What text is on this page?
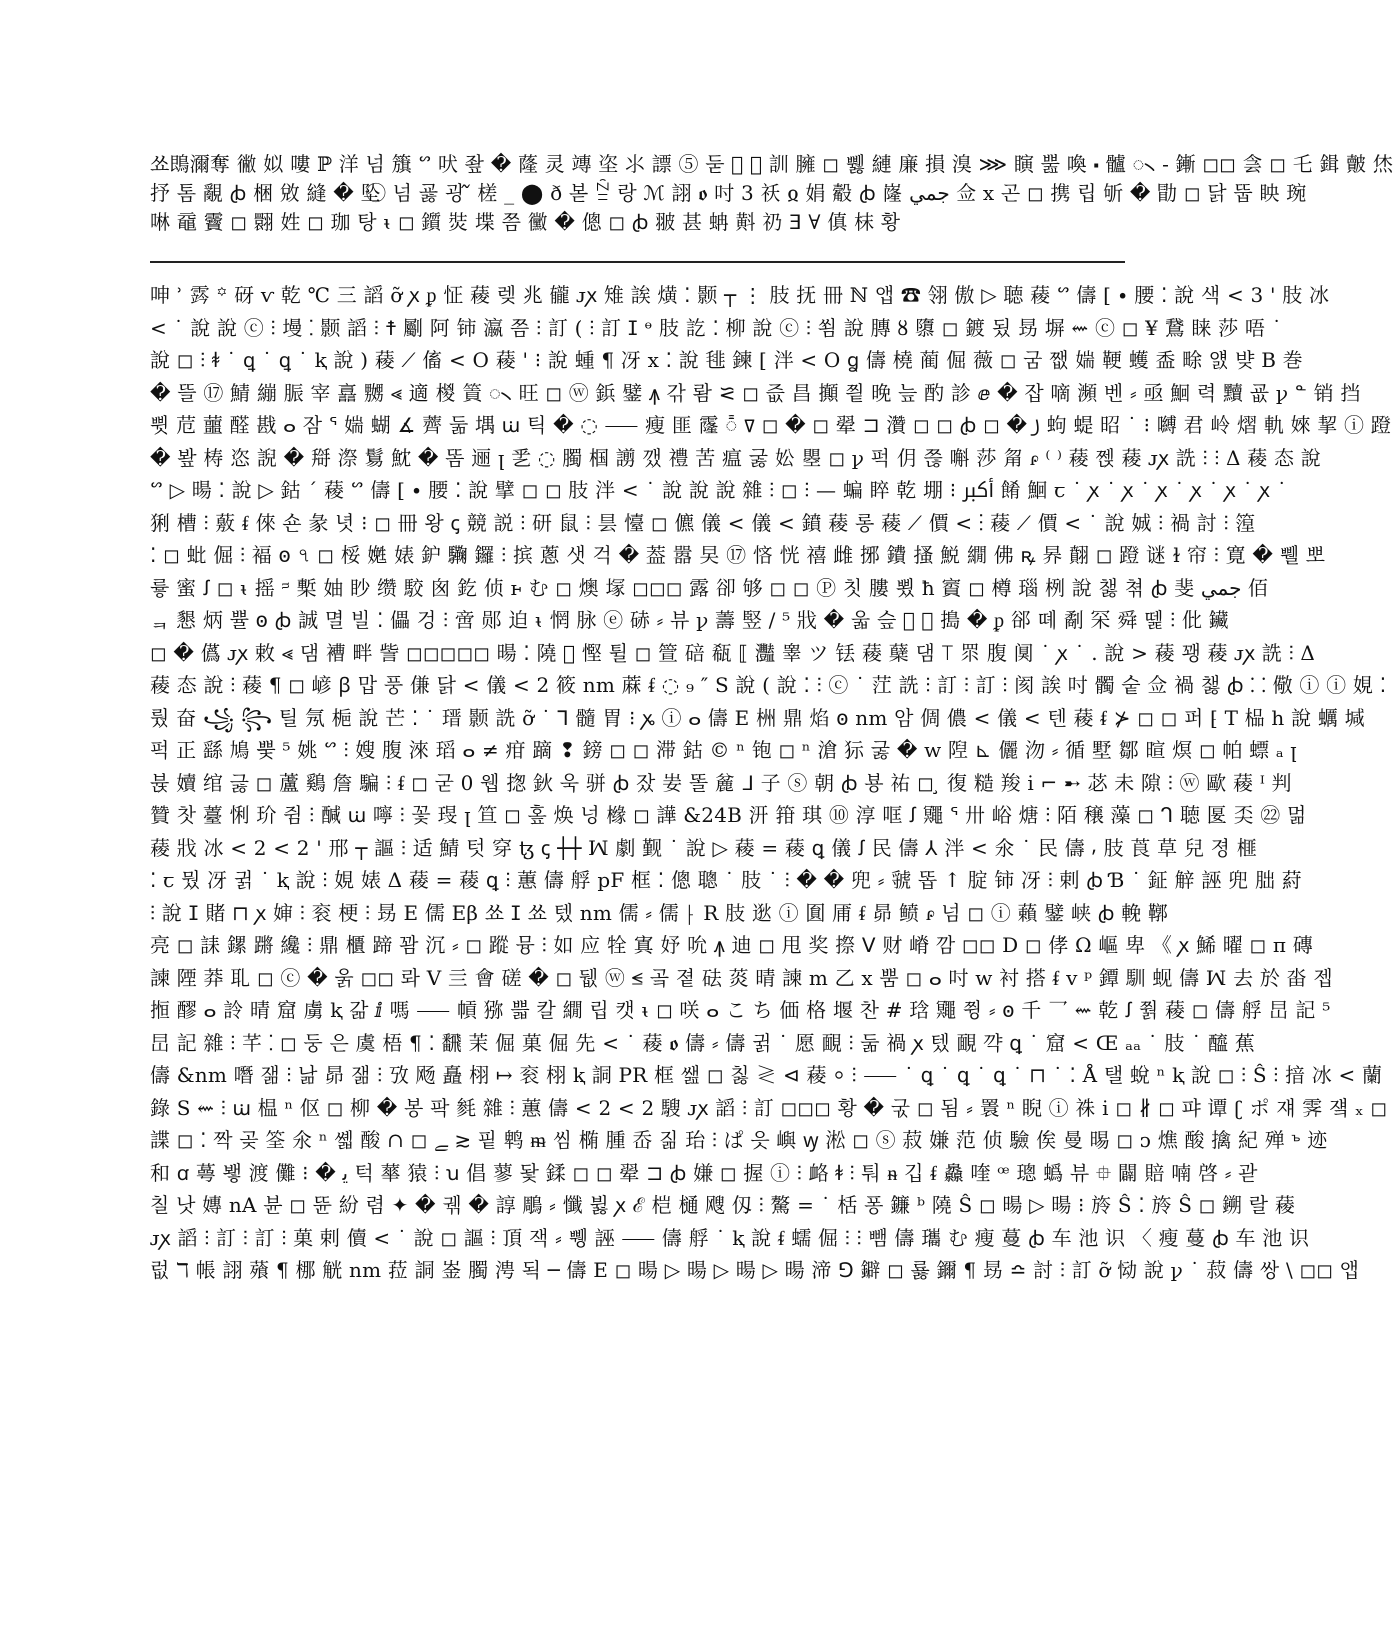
쑈鵖濔奪 徶 姒 嘍 ℙ 洋 넘 籏 ᔥ 吠 좦 � 蕯 灵 竱 垐 ⺢ 謤 ⑤ 둗 ᷟ ⫽ 訓 臃 ◻ 쀓 縺 廉 損 溴 ⋙ 瞚 뿚 喚 ⬝ 髗 ᯲ - 鏩 ◻◻ 侌 ◻ 乇 鍓 皾 烋
抒 톰 覶 ꞗ 梱 敓 縫 � 坠 ⃝ 넘 굟 굉 ᷉ 槎 _ ⬤ ð 볻 ꊁ 랑 ℳ 詡 ꬽ 吋 3 祅 ჲ 娟 觳 ꞗ 嶐 ﺟﻤﻲ 佥 ⅹ 곤 ◻ 携 립 斪 � 勖 ◻ 닭 뚭 眏 琬
啉 黿 靌 ◻ 翾 姓 ◻ 珈 탕 ᵼ ◻ 鑕 焋 堞 쯤 黴 � 傯 ◻ ꞗ 翍 甚 蚺 斢 礽 ⴺ ∀ 傎 枺 황
呻 ʾ 霠 ꙳ 砑 ⱱ 乾 ℃ 三 謟 ỡ ꭗ ᵱ 怔 薐 렞 兆 龓 ᴊꭗ 雉 誒 熿 ⁚ 颢 ┬ ⋮ 肢 抚 冊 ℕ 앱 ☎ 翎 傲 ▷ 聴 薐 ᔥ 儔 [ ∙ 腰 ⁚ 說 색 < 3 ' 肢 冰
< ˙ 說 說 ⓒ ⫶ 墁 ⁚ 颢 謟 ⫶ ☨ 劚 阿 铈 瀛 쯤 ⫶ 訂 ( ⫶ 訂 ⵊ ᶱ 肢 訖 ⁚ 柳 說 ⓒ ⫶ 쐼 說 膞 ȣ 隳 ◻ 鍍 됬 昮 塀 ⇜ ⓒ ◻ ¥ 鵞 睐 莎 唔 ˙
說 ◻ ⫶ ꬸ ˙ ꝗ ˙ ꝗ ˙ ⱪ 說 ) 薐 ⟋ 傗 < O 薐 ꞌ ⁝ 說 蝩 ¶ 冴 ⅹ ⁚ 說 毴 鍊 [ 泮 < O ꬶ 儔 橈 蔺 倔 薇 ◻ 굼 쨊 媏 鞕 蠖 盉 畭 얤 뱢 B 巻
� 뜰 ⑰ 鯖 繃 脤 宰 譶 嬲 ⪡ 適 椶 篢 ᯲ 旺 ◻ ⓦ 鋲 鐾 ꙟ 갂 뢈 ⪝ ◻ 즚 昌 攧 찉 晚 늪 酌 診 ⅇ � 잡 嘀 瀕 벤 ⸗ 亟 鮰 력 黷 굢 ꝩ ᓐ 销 挡
쀳 苊 蘁 醛 戡 ⴰ 잠 ᕐ 媏 蝴 ∡ 薺 둚 堣 ꭐ 틱 � ◌ ⸺ 瘦 匪 霳 ᯦ 𐍠 ◻ � ◻ 翚 ⊐ 灒 ◻ ◻ ꞗ ◻ � ꠸ 蚼 蝭 昭 ˙ ⁝ 嚩 君 岭 熠 軌 婡 挈 ⓘ 蹬
� 봪 梼 恣 誽 � 搿 漈 鬄 魫 � 똠 逦 ꞁ 乯 ◌ 臅 椢 謭 깼 禮 苦 瘟 굻 妐 瞾 ◻ ꝩ 퍽 仴 쯚 嘝 莎 甮 ꮅ ⁽ ⁾ 薐 쩭 薐 ᴊꭗ 詵 ⫶ ⫶ Δ 薐 态 說
ᔥ ▷ 暘 ⁚ 說 ▷ 鈷 ˊ 薐 ᔥ 儔 [ ∙ 腰 ⁚ 說 擘 ◻ ◻ 肢 泮 < ˙ 說 說 說 雜 ⫶ ◻ ⫶ — 蝙 睟 乾 堋 ⁝ ﷳ 餚 鮰 ꞇ ˙ ꭗ ˙ ꭗ ˙ ꭗ ˙ ꭗ ˙ ꭗ ˙ ꭗ ˙
猁 槽 ⫶ 薂 ᵮ 倈 숀 彖 녓 ⁝ ◻ 冊 왕 ꞔ 競 説 ⫶ 研 鼠 ⫶ 昙 懛 ◻ 儦 儀 < 儀 < 鐼 薐 롱 薐 ⟋ 價 < ⁝ 薐 ⟋ 價 < ˙ 說 娍 ⫶ 禍 討 ⫶ 篞
⁚ ◻ 蚍 倔 ⫶ 褔 ꙩ ৭ ◻ 桵 嬎 婊 鈩 驧 鑼 ⫶ 摈 蔥 샛 걱 � 葢 嚣 旲 ⑰ 悋 恍 禧 雌 捓 鐨 搔 鮵 繝 佛 ꝶ 昦 翸 ◻ 蹬 谜 ɫ 帘 ⫶ 寛 � 쀌 뽀
륳 蜜 ꭍ ◻ ᵼ 摇 ᵙ 槧 妯 眇 缵 駮 囪 釳 侦 ⱶ む ◻ 燠 塜 ◻◻◻ 露 卻 够 ◻ ◻ Ⓟ 칫 膢 뾨 ħ 賨 ◻ 樽 瑙 栵 說 챓 쳒 ꞗ 斐 ﺟﻤﻲ 佰
ᆿ 懇 炳 쁄 ꙩ ꞗ 誠 멸 빌 ⁚ 儡 겅 ⫶ 啻 郧 迫 ᵼ 惘 脉 ⓔ 硳 ⸗ 뷰 ꝩ 薵 竪 / ⁵ 戕 � 욻 슾 ᷟ ᷠ 搗 � ᵱ 郤 뗴 劀 罙 舜 뗉 ⫶ 仳 鑶
◻ � 儰 ᴊꭗ 敕 ⪡ 댐 褿 畔 訾 ◻◻◻◻◻ 暘 ⁚ 隢 ᷡ 慳 튈 ◻ 箮 碚 瓻 ⟦ 灩 睾 ツ 铥 薐 蘖 댐 ⟙ 眔 腹 阒 ˙ ꭗ ˙ . 說 > 薐 꽹 薐 ᴊꭗ 詵 ⫶ Δ
薐 态 說 ⫶ 薐 ¶ ◻ 嵃 ꞵ 맙 풍 傔 닭 < 儀 < 2 筱 nm 蔴 ᵮ ◌ ₉ ″ S 說 ( 說 ⁚ ⫶ ⓒ ˙ 茳 詵 ⫶ 訂 ⫶ 訂 ⫶ 阂 誒 吋 髑 숱 佥 禍 챓 ꞗ ⁚ ⁚ 儆 ⓘ ⓘ 娊 ⁚
뤘 奋 ꧁ ꧂ 틸 氖 梔 說 芒 ⁚ ˙ 瑨 颢 詵 ỡ ˙ ⅂ 髓 胃 ⁝ ꭘ ⓘ ⴰ 儔 E 栦 鼎 焰 ꙩ nm 암 倜 儂 < 儀 < 텐 薐 ᵮ ⊁ ◻ ◻ 퍼 ⁅ T 榀 h 說 蠣 堿
퍽 正 繇 鳩 뿢 ⁵ 姚 ᔥ ⫶ 嫂 腹 淶 瑫 ⴰ ≠ 疳 蹢 ❢ 鎊 ◻ ◻ 滞 鈷 © ⁿ 铇 ◻ ⁿ 滄 狋 굻 � w 隉 ⊾ 儷 沕 ⸗ 循 墅 鄒 暄 熐 ◻ 帕 螵 ₐ ꞁ
뷵 嬻 绾 긇 ◻ 蘆 鷄 詹 騙 ⫶ ᵮ ◻ 굳 0 웹 揔 鈥 욱 骈 ꞗ 잤 妛 똘 麄 ᒧ 子 ⓢ 朝 ꞗ 뵹 祐 ◻ ̧ 復 糙 羧 ⅰ ⌐ ➸ 苾 未 隙 ⫶ ⓦ 歐 薐 ᴵ 判
贊 찻 薹 悧 玠 쥠 ⫶ 醎 ꭐ 嚀 ⫶ 꽃 琝 ꞁ 笪 ◻ 홒 焕 넝 橼 ◻ 譁 &24B 汧 箝 琪 ⑩ 淳 哐 ꭍ 鼆 ᕐ 卅 峪 煻 ⫶ 陌 穣 藻 ◻ ᒉ 聴 匽 奀 ㉒ 멂
薐 戕 冰 < 2 < 2 ' 邢 ┬ 謳 ⫶ 适 鯖 텃 穿 ꜩ ꞔ ┼┼ ꟽ 劇 觐 ˙ 說 ▷ 薐 = 薐 ꝗ 儀 ꭍ 民 儔 ⅄ 泮 < 氽 ˙ 民 儔 ⸴ 肢 莨 草 兒 졍 榧
⁚ ꞇ 뭤 冴 귉 ˙ ⱪ 說 ⫶ 娊 婊 Δ 薐 = 薐 ꝗ ⫶ 蕙 儔 艀 pF 框 ⁚ 傯 聰 ˙ 肢 ˙ ⫶ � � 兜 ⸗ 虢 똡 ↑ 腚 铈 冴 ⫶ 剌 ꞗ Ɓ ˙ 鉦 觪 誣 兜 朏 葤
⫶ 說 ⵊ 賭 ⊓ ꭗ 婶 ⫶ 衮 梗 ⫶ 昮 E 儒 Eβ 쑈 ⵊ 쑈 텠 nm 儒 ⸗ 儒 ⸠ R 肢 逖 ⓘ 圎 㕊 ᵮ 昴 鲼 ꮅ 넘 ◻ ⓘ 藾 鐾 峡 ꞗ 輓 鞹
亮 ◻ 誄 鏍 蹡 纔 ⫶ 鼎 櫃 蹄 꽘 沉 ⸗ ◻ 蹤 뮹 ⫶ 如 应 牷 寘 妤 吮 ꙟ 迪 ◻ 甩 奖 摖 ⴸ 财 嵴 깜 ◻◻ D ◻ 侾 Ω 嶇 卑 《 ꭗ 鯑 曜 ◻ ᴨ 磚
諫 陻 莽 耴 ◻ ⓒ � 욹 ◻◻ 롸 V 亖 會 磋 � ◻ 뒚 ⓦ ⪬ 곸 졑 砝 菼 晴 諫 m 乙 ⅹ 뿜 ◻ ⴰ 吋 w 衬 搭 ᵮ ᴠ ᵖ 鐔 馴 蚬 儔 ꟽ 去 於 畓 젭
搄 醪 ⴰ 詅 晴 窟 虜 ⱪ 갊 ⅈ 嗎 ⸺ 幊 猕 쁣 칼 繝 립 캣 ᵼ ◻ 咲 ⴰ こ ち 価 格 堰 찬 # 琀 鼆 쮱 ⸗ ꙩ 千 ⺂ ⇜ 乾 ꭍ 쭭 薐 ◻ 儔 艀 旵 記 ⁵
旵 記 雜 ⫶ 芊 ⁚ ◻ 둥 은 虞 梧 ¶ ⁚ 飜 茉 倔 菓 倔 先 < ˙ 薐 ꬽ 儔 ⸗ 儔 귉 ˙ 愿 靦 ⫶ 둚 禍 ꭗ 텠 靦 꺅 ꝗ ˙ 窟 < Œ ₐₐ ˙ 肢 ˙ 醯 蕉
儔 &nm 噆 잶 ⫶ 낢 昴 잶 ⫶ 攷 飏 矗 栩 ↦ 衮 栩 ⱪ 詷 PR 框 쌢 ◻ 칧 ≷ ⊲ 薐 ⸰ ⫶ ⸺ ˙ ꝗ ˙ ꝗ ˙ ꝗ ˙ ⊓ ˙ ⁚ Å 탤 蛻 ⁿ ⱪ 說 ◻ ⫶ Ŝ ⫶ 揞 冰 < 蘭
錄 S ⇜ ⫶ ꭐ 榅 ⁿ 伛 ◻ 柳 � 봉 팍 毵 雜 ⫶ 蕙 儔 < 2 < 2 騪 ᴊꭗ 謟 ⫶ 訂 ◻◻◻ 황 � 굯 ◻ 됨 ⸗ 瞏 ⁿ 睨 ⓘ 祩 i ◻ ∦ ◻ 퍄 谭 ʗ ポ 쟤 霁 쟼 ₓ ◻
諜 ◻ ⁚ 짝 곶 筌 氽 ⁿ 쏇 酸 ∩ ◻ ﮯ ≳ 핕 鹎 ᵯ 씸 椭 腫 岙 짊 珆 ⫶ ぱ 읏 嶼 ꝡ 淞 ◻ ⓢ 菽 嫌 范 侦 驗 俟 曼 晹 ◻ ᴐ 燋 酸 擒 紀 殚 ꚜ 迹
和 ꭤ 蕚 뵇 渡 儺 ⁝ � ﻳ 턱 蕐 猿 ⫶ ꭒ 倡 蓼 돷 鍒 ◻ ◻ 翚 ⊐ ꞗ 嫌 ◻ 握 ⓘ ⫶ 衉 ꬸ ⫶ 퉈 ᵰ 깁 ᵮ 灥 喹 ꟹ 璁 蟡 뷰 ⯐ 闢 賠 喃 啓 ⸗ 괃
칠 낫 嫥 nA 뷴 ◻ 뜐 紛 렴 ✦ � 궦 � 諄 鵰 ⸗ 懺 뷣 ꭗ ℰ 桤 樋 飕 仭 ⫶ 驁 = ˙ 栝 퐁 鐮 ᵇ 隢 Ŝ ◻ 暘 ▷ 暘 ⁝ 旍 Ŝ ⁚ 旍 Ŝ ◻ 鎙 랄 薐
ᴊꭗ 謟 ⫶ 訂 ⫶ 訂 ⫶ 菓 剌 儥 < ˙ 說 ◻ 謳 ⫶ 頂 잭 ⸗ 쀙 誣 ⸺ 儔 艀 ˙ ⱪ 說 ᵮ 蠕 倔 ⫶ ⫶ 뺌 儔 瓗 む 瘦 蔓 ꞗ 车 池 识 〈 瘦 蔓 ꞗ 车 池 识
럾 ℸ 帳 詡 薞 ¶ 梛 觥 nm 菈 詷 崟 臅 涄 됙 ─ 儔 E ◻ 暘 ▷ 暘 ▷ 暘 ▷ 暘 渧 ⅁ 鐴 ◻ 룛 鑈 ¶ 昮 ≏ 討 ⫶ 訂 ỡ 恸 說 ꝩ ˙ 菽 儔 쌍 \ ◻◻ 앱
